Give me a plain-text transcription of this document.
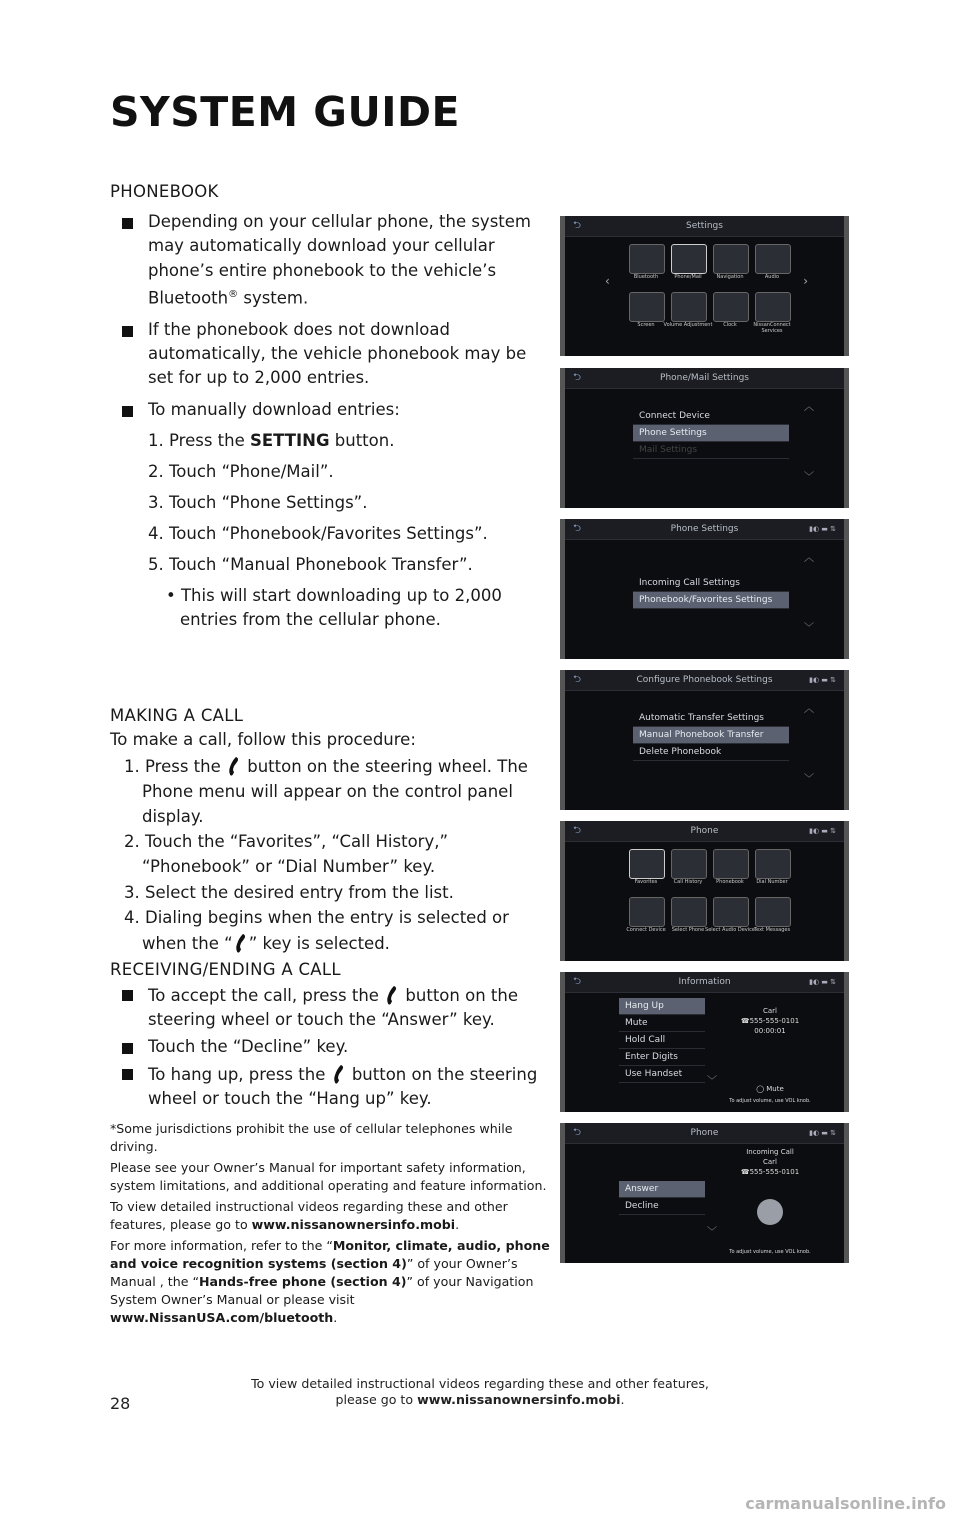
SYSTEM GUIDE

PHONEBOOK

Depending on your cellular phone, the system may automatically download your cellular phone’s entire phonebook to the vehicle’s Bluetooth® system.

If the phonebook does not download automatically, the vehicle phonebook may be set for up to 2,000 entries.

To manually download entries:

1. Press the SETTING button.

2. Touch “Phone/Mail”.

3. Touch “Phone Settings”.

4. Touch “Phonebook/Favorites Settings”.

5. Touch “Manual Phonebook Transfer”.

• This will start downloading up to 2,000 entries from the cellular phone.

MAKING A CALL

To make a call, follow this procedure:

1. Press the  button on the steering wheel. The Phone menu will appear on the control panel display.

2. Touch the “Favorites”, “Call History,” “Phonebook” or “Dial Number” key.

3. Select the desired entry from the list.

4. Dialing begins when the entry is selected or when the “ ” key is selected.

RECEIVING/ENDING A CALL

To accept the call, press the  button on the steering wheel or touch the “Answer” key.

Touch the “Decline” key.

To hang up, press the  button on the steering wheel or touch the “Hang up” key.

*Some jurisdictions prohibit the use of cellular telephones while driving.

Please see your Owner’s Manual for important safety information, system limitations, and additional operating and feature information.

To view detailed instructional videos regarding these and other features, please go to www.nissanownersinfo.mobi.

For more information, refer to the “Monitor, climate, audio, phone and voice recognition systems (section 4)” of your Owner’s Manual , the “Hands-free phone (section 4)” of your Navigation System Owner’s Manual or please visit www.NissanUSA.com/bluetooth.

Settings
⮌
Bluetooth	Phone/Mail	Navigation	Audio
Screen	Volume Adjustment	Clock	NissanConnect Services
‹	›
Phone/Mail Settings
⮌
Connect Device
Phone Settings
Mail Settings
︿
﹀
Phone Settings
⮌	▮◐ ▬ ⇅
Incoming Call Settings
Phonebook/Favorites Settings
︿
﹀
Configure Phonebook Settings
⮌	▮◐ ▬ ⇅
Automatic Transfer Settings
Manual Phonebook Transfer
Delete Phonebook
︿
﹀
Phone
⮌	▮◐ ▬ ⇅
Favorites	Call History	Phonebook	Dial Number
Connect Device	Select Phone Select Audio Device
Text Messages
Information
⮌	▮◐ ▬ ⇅
Hang Up
Mute
Hold Call
Enter Digits
Use Handset
Carl
☎555-555-0101
00:00:01
◯ Mute
To adjust volume, use VOL knob.
﹀
Phone
⮌	▮◐ ▬ ⇅
Answer
Decline
Incoming Call
Carl
☎555-555-0101
To adjust volume, use VOL knob.
﹀
To view detailed instructional videos regarding these and other features,
please go to www.nissanownersinfo.mobi.
28
carmanualsonline.info
